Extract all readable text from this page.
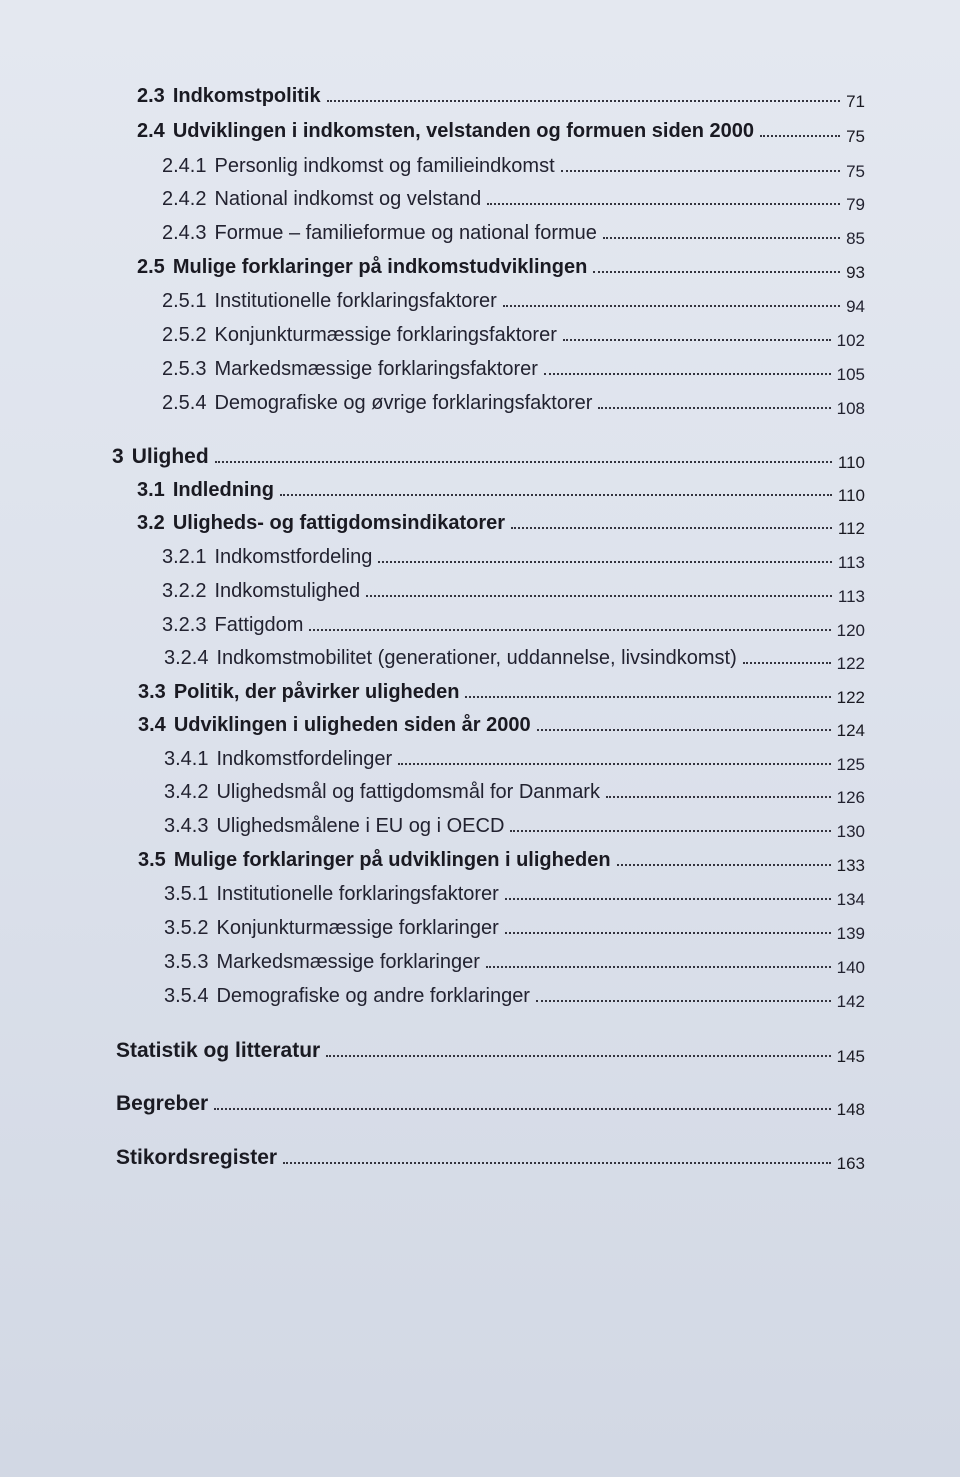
2.3 Indkomstpolitik	71
2.4 Udviklingen i indkomsten, velstanden og formuen siden 2000	75
2.4.1 Personlig indkomst og familieindkomst	75
2.4.2 National indkomst og velstand	79
2.4.3 Formue – familieformue og national formue	85
2.5 Mulige forklaringer på indkomstudviklingen	93
2.5.1 Institutionelle forklaringsfaktorer	94
2.5.2 Konjunkturmæssige forklaringsfaktorer	102
2.5.3 Markedsmæssige forklaringsfaktorer	105
2.5.4 Demografiske og øvrige forklaringsfaktorer	108
3 Ulighed	110
3.1 Indledning	110
3.2 Uligheds- og fattigdomsindikatorer	112
3.2.1 Indkomstfordeling	113
3.2.2 Indkomstulighed	113
3.2.3 Fattigdom	120
3.2.4 Indkomstmobilitet (generationer, uddannelse, livsindkomst)	122
3.3 Politik, der påvirker uligheden	122
3.4 Udviklingen i uligheden siden år 2000	124
3.4.1 Indkomstfordelinger	125
3.4.2 Ulighedsmål og fattigdomsmål for Danmark	126
3.4.3 Ulighedsmålene i EU og i OECD	130
3.5 Mulige forklaringer på udviklingen i uligheden	133
3.5.1 Institutionelle forklaringsfaktorer	134
3.5.2 Konjunkturmæssige forklaringer	139
3.5.3 Markedsmæssige forklaringer	140
3.5.4 Demografiske og andre forklaringer	142
Statistik og litteratur	145
Begreber	148
Stikordsregister	163
